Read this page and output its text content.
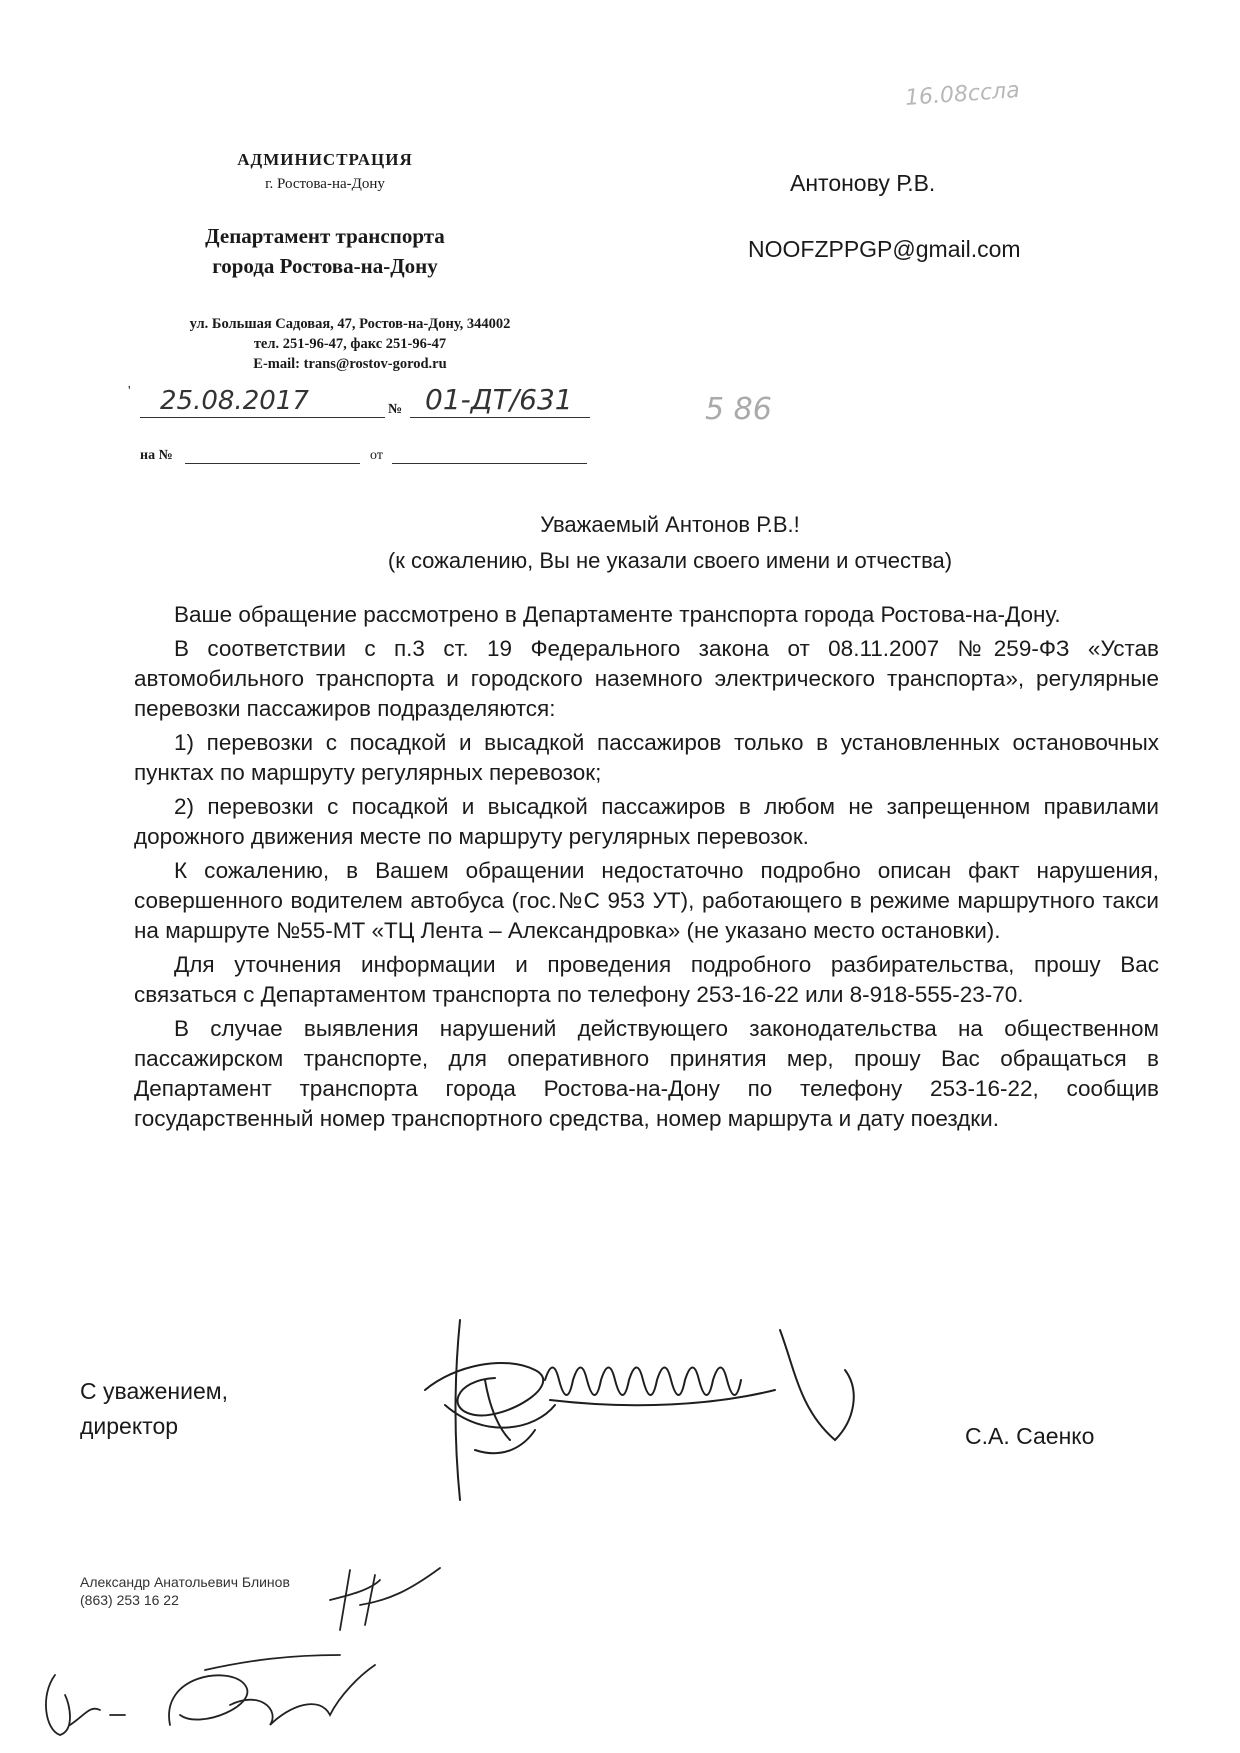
АДМИНИСТРАЦИЯ
г. Ростова-на-Дону
Департамент транспорта
города Ростова-на-Дону
ул. Большая Садовая, 47, Ростов-на-Дону, 344002
тел. 251-96-47, факс 251-96-47
E-mail: trans@rostov-gorod.ru
' 25.08.2017	№ 01-ДТ/631	5 86
16.08ссла
на №	от
Антонову Р.В.
NOOFZPPGP@gmail.com
Уважаемый Антонов Р.В.!
(к сожалению, Вы не указали своего имени и отчества)

Ваше обращение рассмотрено в Департаменте транспорта города Ростова-на-Дону.

В соответствии с п.3 ст. 19 Федерального закона от 08.11.2007 №259-ФЗ «Устав автомобильного транспорта и городского наземного электрического транспорта», регулярные перевозки пассажиров подразделяются:

1) перевозки с посадкой и высадкой пассажиров только в установленных остановочных пунктах по маршруту регулярных перевозок;

2) перевозки с посадкой и высадкой пассажиров в любом не запрещенном правилами дорожного движения месте по маршруту регулярных перевозок.

К сожалению, в Вашем обращении недостаточно подробно описан факт нарушения, совершенного водителем автобуса (гос.№С 953 УТ), работающего в режиме маршрутного такси на маршруте №55-МТ «ТЦ Лента – Александровка» (не указано место остановки).

Для уточнения информации и проведения подробного разбирательства, прошу Вас связаться с Департаментом транспорта по телефону 253-16-22 или 8-918-555-23-70.

В случае выявления нарушений действующего законодательства на общественном пассажирском транспорте, для оперативного принятия мер, прошу Вас обращаться в Департамент транспорта города Ростова-на-Дону по телефону 253-16-22, сообщив государственный номер транспортного средства, номер маршрута и дату поездки.

С уважением,
директор	С.А. Саенко
Александр Анатольевич Блинов
(863) 253 16 22
